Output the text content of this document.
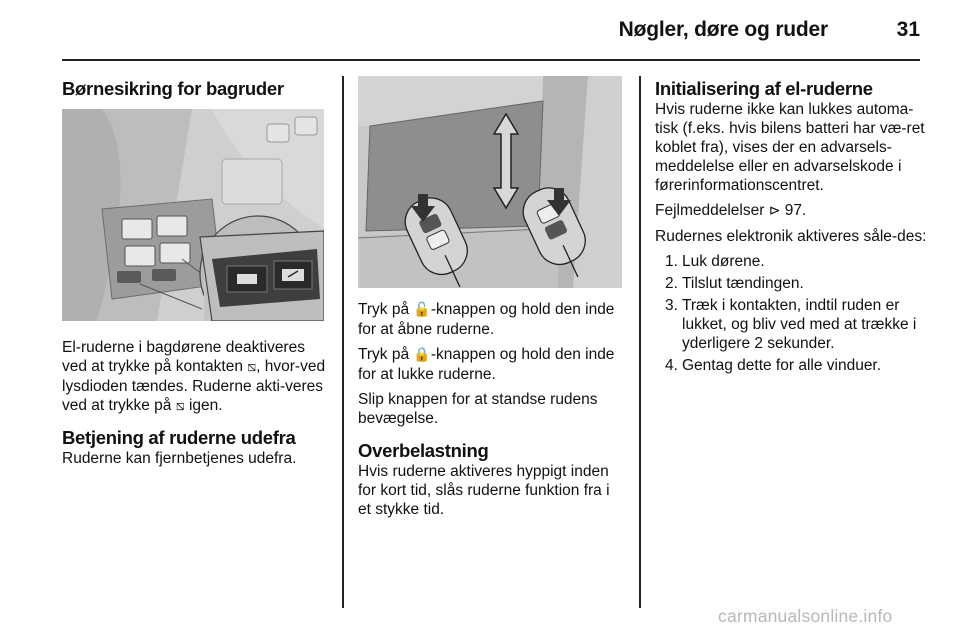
Nøgler, døre og ruder	31
Børnesikring for bagruder

El-ruderne i bagdørene deaktiveres ved at trykke på kontakten ⧅, hvor-ved lysdioden tændes. Ruderne akti-veres ved at trykke på ⧅ igen.

Betjening af ruderne udefra

Ruderne kan fjernbetjenes udefra.

Tryk på 🔓-knappen og hold den inde for at åbne ruderne.

Tryk på 🔒-knappen og hold den inde for at lukke ruderne.

Slip knappen for at standse rudens bevægelse.

Overbelastning

Hvis ruderne aktiveres hyppigt inden for kort tid, slås ruderne funktion fra i et stykke tid.

Initialisering af el-ruderne

Hvis ruderne ikke kan lukkes automa-tisk (f.eks. hvis bilens batteri har væ-ret koblet fra), vises der en advarsels-meddelelse eller en advarselskode i førerinformationscentret.

Fejlmeddelelser ⊳ 97.

Rudernes elektronik aktiveres såle-des:

1. Luk dørene.
2. Tilslut tændingen.
3. Træk i kontakten, indtil ruden er lukket, og bliv ved med at trække i yderligere 2 sekunder.
4. Gentag dette for alle vinduer.
carmanualsonline.info
